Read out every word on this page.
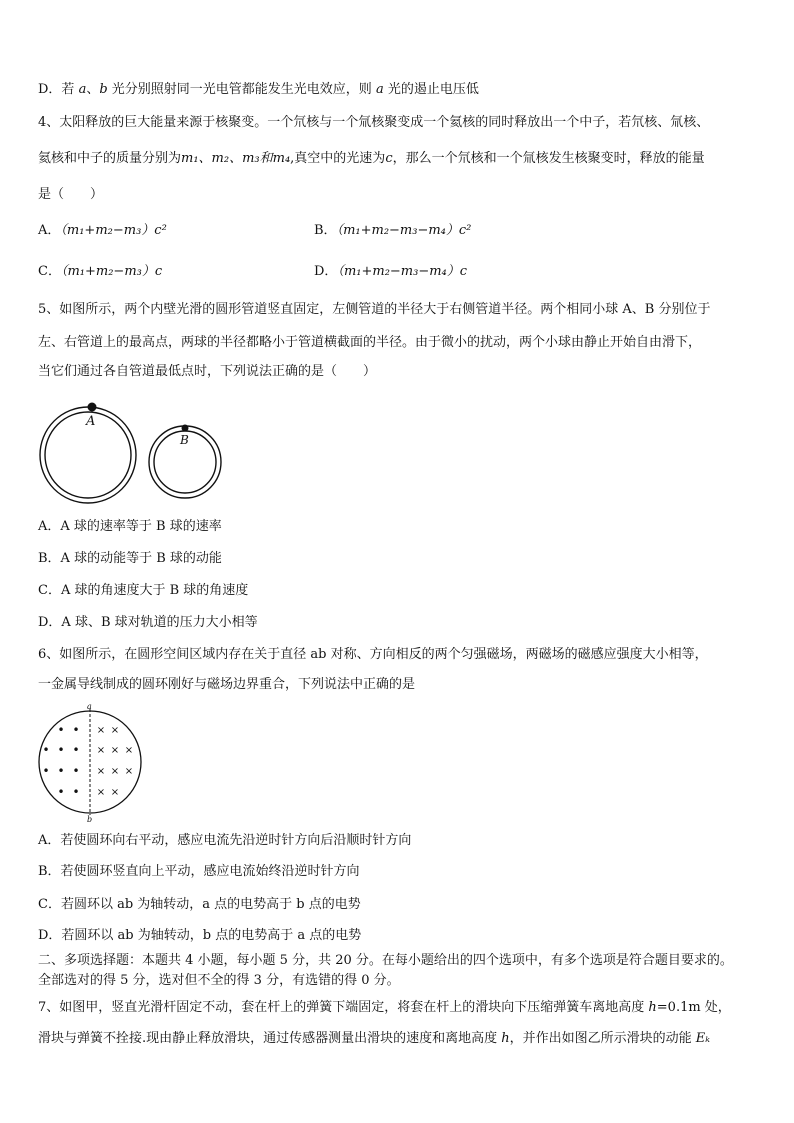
D．若 a、b 光分别照射同一光电管都能发生光电效应，则 a 光的遏止电压低
4、太阳释放的巨大能量来源于核聚变。一个氘核与一个氚核聚变成一个氦核的同时释放出一个中子，若氘核、氚核、
氦核和中子的质量分别为m₁、m₂、m₃和m₄,真空中的光速为c，那么一个氘核和一个氚核发生核聚变时，释放的能量
是（　　）
A．（m₁+m₂−m₃）c²	B．（m₁+m₂−m₃−m₄）c²
C．（m₁+m₂−m₃）c	D．（m₁+m₂−m₃−m₄）c
5、如图所示，两个内壁光滑的圆形管道竖直固定，左侧管道的半径大于右侧管道半径。两个相同小球 A、B 分别位于
左、右管道上的最高点，两球的半径都略小于管道横截面的半径。由于微小的扰动，两个小球由静止开始自由滑下，
当它们通过各自管道最低点时，下列说法正确的是（　　）
A
B
A．A 球的速率等于 B 球的速率
B．A 球的动能等于 B 球的动能
C．A 球的角速度大于 B 球的角速度
D．A 球、B 球对轨道的压力大小相等
6、如图所示，在圆形空间区域内存在关于直径 ab 对称、方向相反的两个匀强磁场，两磁场的磁感应强度大小相等，
一金属导线制成的圆环刚好与磁场边界重合，下列说法中正确的是
a
b
• •
• • •
• • •
• •
× ×
× × ×
× × ×
× ×
A．若使圆环向右平动，感应电流先沿逆时针方向后沿顺时针方向
B．若使圆环竖直向上平动，感应电流始终沿逆时针方向
C．若圆环以 ab 为轴转动，a 点的电势高于 b 点的电势
D．若圆环以 ab 为轴转动，b 点的电势高于 a 点的电势
二、多项选择题：本题共 4 小题，每小题 5 分，共 20 分。在每小题给出的四个选项中，有多个选项是符合题目要求的。
全部选对的得 5 分，选对但不全的得 3 分，有选错的得 0 分。
7、如图甲，竖直光滑杆固定不动，套在杆上的弹簧下端固定，将套在杆上的滑块向下压缩弹簧车离地高度 h=0.1m 处，
滑块与弹簧不拴接.现由静止释放滑块，通过传感器测量出滑块的速度和离地高度 h，并作出如图乙所示滑块的动能 Eₖ
